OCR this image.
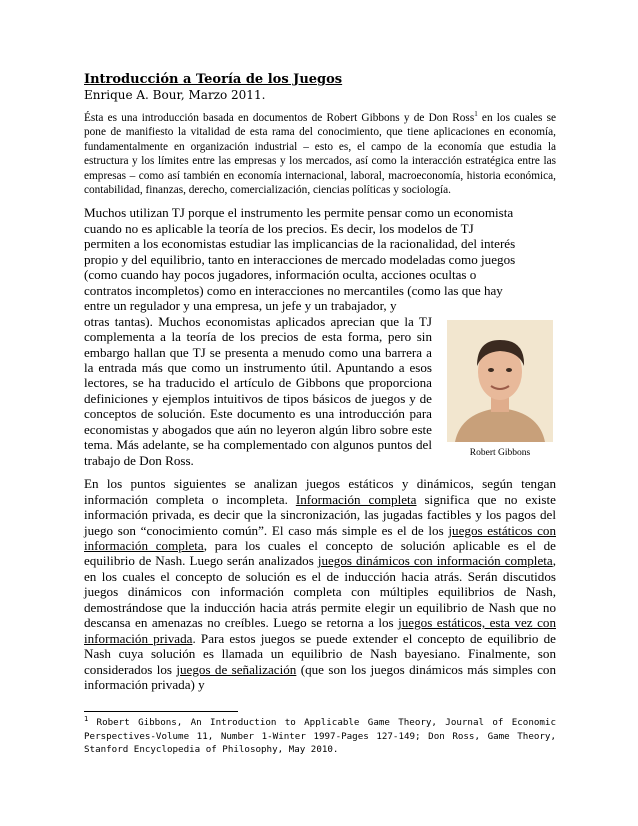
Introducción a Teoría de los Juegos

Enrique A. Bour, Marzo 2011.

Ésta es una introducción basada en documentos de Robert Gibbons y de Don Ross$^1$ en los cuales se pone de manifiesto la vitalidad de esta rama del conocimiento, que tiene aplicaciones en economía, fundamentalmente en organización industrial – esto es, el campo de la economía que estudia la estructura y los límites entre las empresas y los mercados, así como la interacción estratégica entre las empresas – como así también en economía internacional, laboral, macroeconomía, historia económica, contabilidad, finanzas, derecho, comercialización, ciencias políticas y sociología.

Muchos utilizan TJ porque el instrumento les permite pensar como un economista
cuando no es aplicable la teoría de los precios. Es decir, los modelos de TJ
permiten a los economistas estudiar las implicancias de la racionalidad, del interés
propio y del equilibrio, tanto en interacciones de mercado modeladas como juegos
(como cuando hay pocos jugadores, información oculta, acciones ocultas o
contratos incompletos) como en interacciones no mercantiles (como las que hay
entre un regulador y una empresa, un jefe y un trabajador, y
Robert Gibbons
otras tantas). Muchos economistas aplicados aprecian que la TJ complementa a la teoría de los precios de esta forma, pero sin embargo hallan que TJ se presenta a menudo como una barrera a la entrada más que como un instrumento útil. Apuntando a esos lectores, se ha traducido el artículo de Gibbons que proporciona definiciones y ejemplos intuitivos de tipos básicos de juegos y de conceptos de solución. Este documento es una introducción para economistas y abogados que aún no leyeron algún libro sobre este tema. Más adelante, se ha complementado con algunos puntos del trabajo de Don Ross.

En los puntos siguientes se analizan juegos estáticos y dinámicos, según tengan información completa o incompleta. Información completa significa que no existe información privada, es decir que la sincronización, las jugadas factibles y los pagos del juego son “conocimiento común”. El caso más simple es el de los juegos estáticos con información completa, para los cuales el concepto de solución aplicable es el de equilibrio de Nash. Luego serán analizados juegos dinámicos con información completa, en los cuales el concepto de solución es el de inducción hacia atrás. Serán discutidos juegos dinámicos con información completa con múltiples equilibrios de Nash, demostrándose que la inducción hacia atrás permite elegir un equilibrio de Nash que no descansa en amenazas no creíbles. Luego se retorna a los juegos estáticos, esta vez con información privada. Para estos juegos se puede extender el concepto de equilibrio de Nash cuya solución es llamada un equilibrio de Nash bayesiano. Finalmente, son considerados los juegos de señalización (que son los juegos dinámicos más simples con información privada) y

$^1$ Robert Gibbons, An Introduction to Applicable Game Theory, Journal of Economic Perspectives-Volume 11, Number 1-Winter 1997-Pages 127-149; Don Ross, Game Theory, Stanford Encyclopedia of Philosophy, May 2010.
